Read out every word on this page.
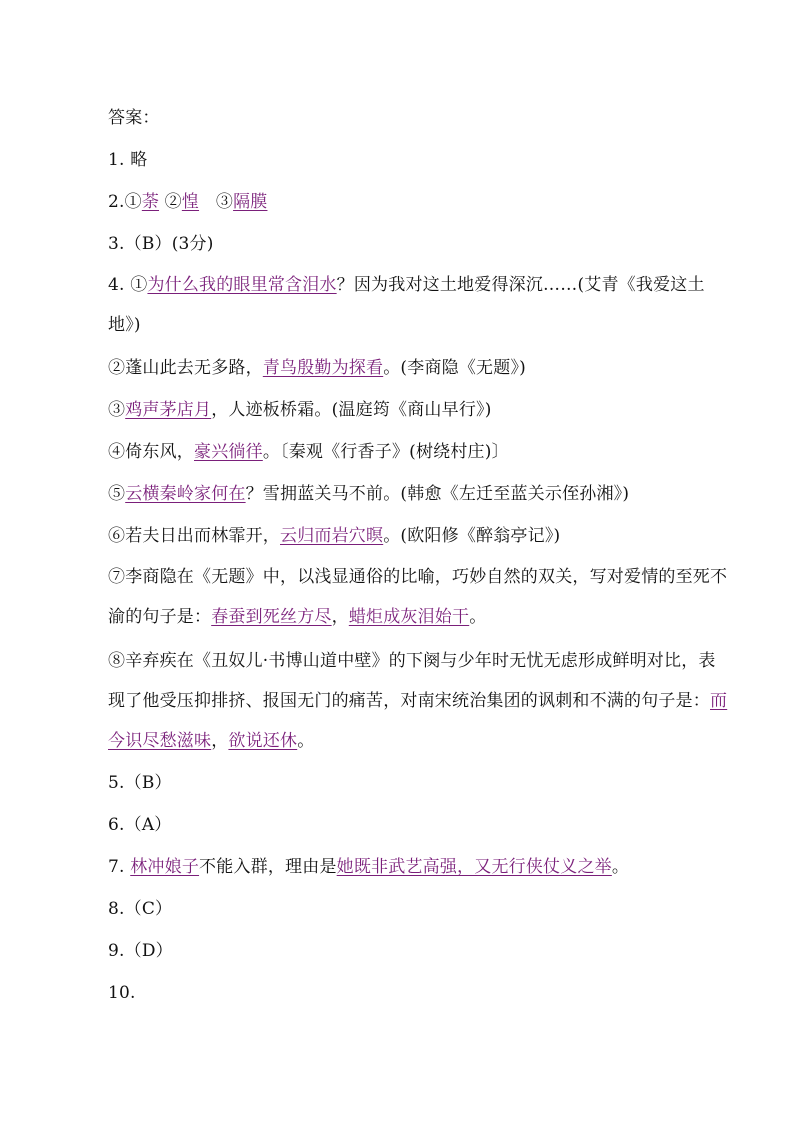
答案：
1. 略
2.①荼 ②惶 ③隔膜
3.（B）(3分)
4. ①为什么我的眼里常含泪水？因为我对这土地爱得深沉……(艾青《我爱这土地》)
②蓬山此去无多路，青鸟殷勤为探看。(李商隐《无题》)
③鸡声茅店月，人迹板桥霜。(温庭筠《商山早行》)
④倚东风，豪兴徜徉。〔秦观《行香子》(树绕村庄)〕
⑤云横秦岭家何在？雪拥蓝关马不前。(韩愈《左迁至蓝关示侄孙湘》)
⑥若夫日出而林霏开，云归而岩穴暝。(欧阳修《醉翁亭记》)
⑦李商隐在《无题》中，以浅显通俗的比喻，巧妙自然的双关，写对爱情的至死不渝的句子是：春蚕到死丝方尽，蜡炬成灰泪始干。
⑧辛弃疾在《丑奴儿·书博山道中壁》的下阕与少年时无忧无虑形成鲜明对比，表现了他受压抑排挤、报国无门的痛苦，对南宋统治集团的讽刺和不满的句子是：而今识尽愁滋味，欲说还休。
5.（B）
6.（A）
7. 林冲娘子不能入群，理由是她既非武艺高强，又无行侠仗义之举。
8.（C）
9.（D）
10.
